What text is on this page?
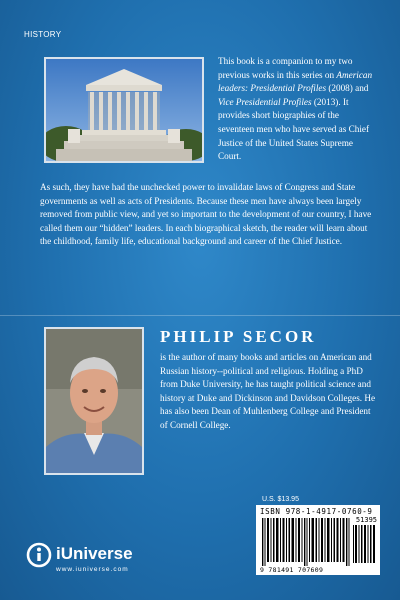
HISTORY
This book is a companion to my two previous works in this series on American leaders: Presidential Profiles (2008) and Vice Presidential Profiles (2013). It provides short biographies of the seventeen men who have served as Chief Justice of the United States Supreme Court.
As such, they have had the unchecked power to invalidate laws of Congress and State governments as well as acts of Presidents. Because these men have always been largely removed from public view, and yet so important to the development of our country, I have called them our “hidden” leaders. In each biographical sketch, the reader will learn about the childhood, family life, educational background and career of the Chief Justice.
PHILIP SECOR
is the author of many books and articles on American and Russian history--political and religious. Holding a PhD from Duke University, he has taught political science and history at Duke and Dickinson and Davidson Colleges. He has also been Dean of Muhlenberg College and President of Cornell College.
U.S. $13.95
ISBN 978-1-4917-0760-9
51395
9 781491 707609
iUniverse
www.iuniverse.com
